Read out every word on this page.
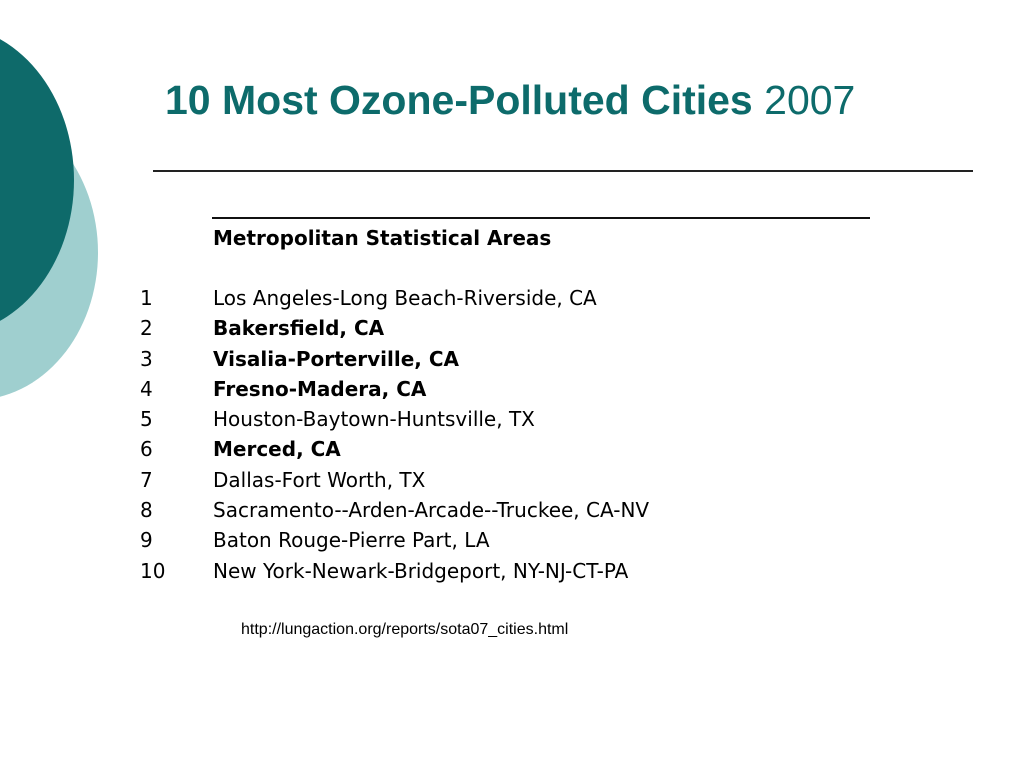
10 Most Ozone-Polluted Cities 2007
Metropolitan Statistical Areas
1	Los Angeles-Long Beach-Riverside, CA
2	Bakersfield, CA
3	Visalia-Porterville, CA
4	Fresno-Madera, CA
5	Houston-Baytown-Huntsville, TX
6	Merced, CA
7	Dallas-Fort Worth, TX
8	Sacramento--Arden-Arcade--Truckee, CA-NV
9	Baton Rouge-Pierre Part, LA
10 New York-Newark-Bridgeport, NY-NJ-CT-PA
http://lungaction.org/reports/sota07_cities.html
